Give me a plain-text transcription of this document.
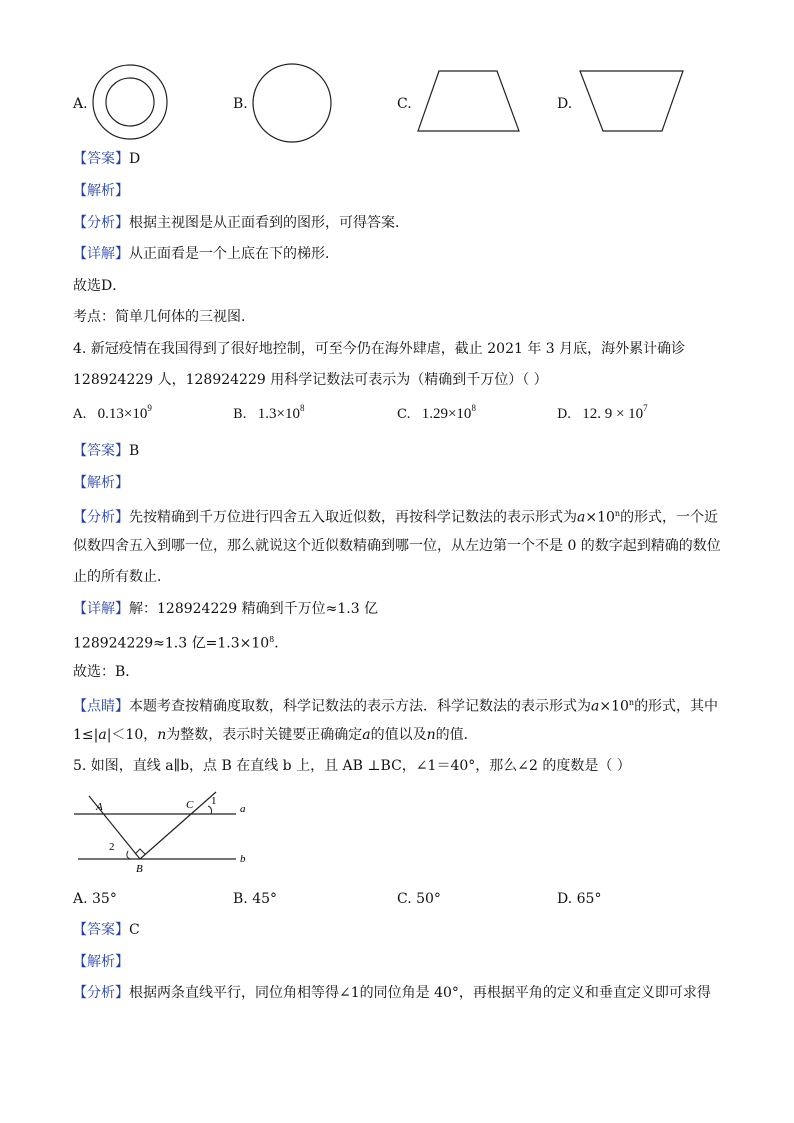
A.	B.	C.	D.
【答案】D
【解析】
【分析】根据主视图是从正面看到的图形，可得答案．
【详解】从正面看是一个上底在下的梯形．
故选D．
考点：简单几何体的三视图．
4. 新冠疫情在我国得到了很好地控制，可至今仍在海外肆虐，截止 2021 年 3 月底，海外累计确诊
128924229 人，128924229 用科学记数法可表示为（精确到千万位）（ ）
A. $0.13\times 10^9$	B. $1.3\times 10^8$	C. $1.29\times 10^8$	D. 12. $9 \times 10^7$
【答案】B
【解析】
【分析】先按精确到千万位进行四舍五入取近似数，再按科学记数法的表示形式为$a\times 10^n$的形式，一个近
似数四舍五入到哪一位，那么就说这个近似数精确到哪一位，从左边第一个不是 0 的数字起到精确的数位
止的所有数止．
【详解】解：128924229 精确到千万位≈1.3 亿
128924229≈1.3 亿$=1.3\times 10^8$．
故选：B．
【点睛】本题考查按精确度取数，科学记数法的表示方法．科学记数法的表示形式为$a\times 10^n$的形式，其中
1≤|a|＜10，n为整数，表示时关键要正确确定a的值以及n的值．
5. 如图，直线 a∥b，点 B 在直线 b 上，且 AB ⊥BC，∠1＝40°，那么∠2 的度数是（ ）
A	C 1
2
B
a
b
A. 35°	B. 45°	C. 50°	D. 65°
【答案】C
【解析】
【分析】根据两条直线平行，同位角相等得∠1的同位角是 40°，再根据平角的定义和垂直定义即可求得
